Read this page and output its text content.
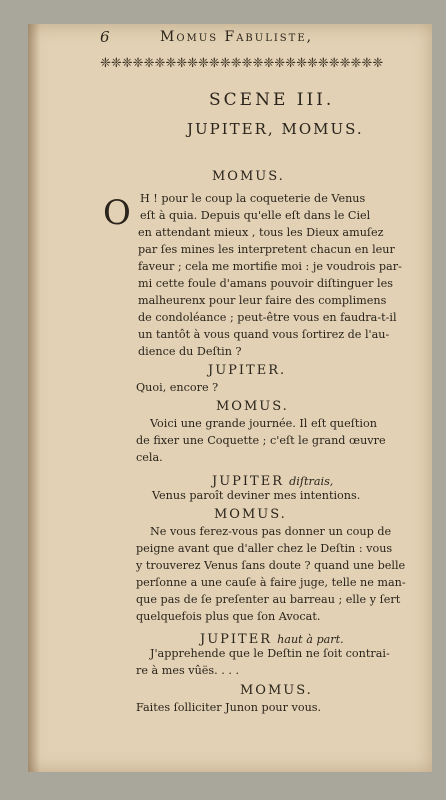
6	Momus Fabuliste,
❈❈❈❈❈❈❈❈❈❈❈❈❈❈❈❈❈❈❈❈❈❈❈❈❈❈
SCENE III.
JUPITER, MOMUS.
MOMUS.
O H ! pour le coup la coqueterie de Venus
eſt à quia. Depuis qu'elle eſt dans le Ciel
en attendant mieux , tous les Dieux amuſez
par ſes mines les interpretent chacun en leur
faveur ; cela me mortifie moi : je voudrois par-
mi cette foule d'amans pouvoir diſtinguer les
malheurenx pour leur faire des complimens
de condoléance ; peut-être vous en faudra-t-il
un tantôt à vous quand vous ſortirez de l'au-
dience du Deſtin ?
JUPITER.
Quoi, encore ?
MOMUS.
Voici une grande journée. Il eſt queſtion
de fixer une Coquette ; c'eſt le grand œuvre
cela.
JUPITER diſtrais,
Venus paroît deviner mes intentions.
MOMUS.
Ne vous ferez-vous pas donner un coup de
peigne avant que d'aller chez le Deſtin : vous
y trouverez Venus ſans doute ? quand une belle
perſonne a une cauſe à faire juge, telle ne man-
que pas de ſe preſenter au barreau ; elle y ſert
quelquefois plus que ſon Avocat.
JUPITER haut à part.
J'apprehende que le Deſtin ne ſoit contrai-
re à mes vûës. . . .
MOMUS.
Faites ſolliciter Junon pour vous.
